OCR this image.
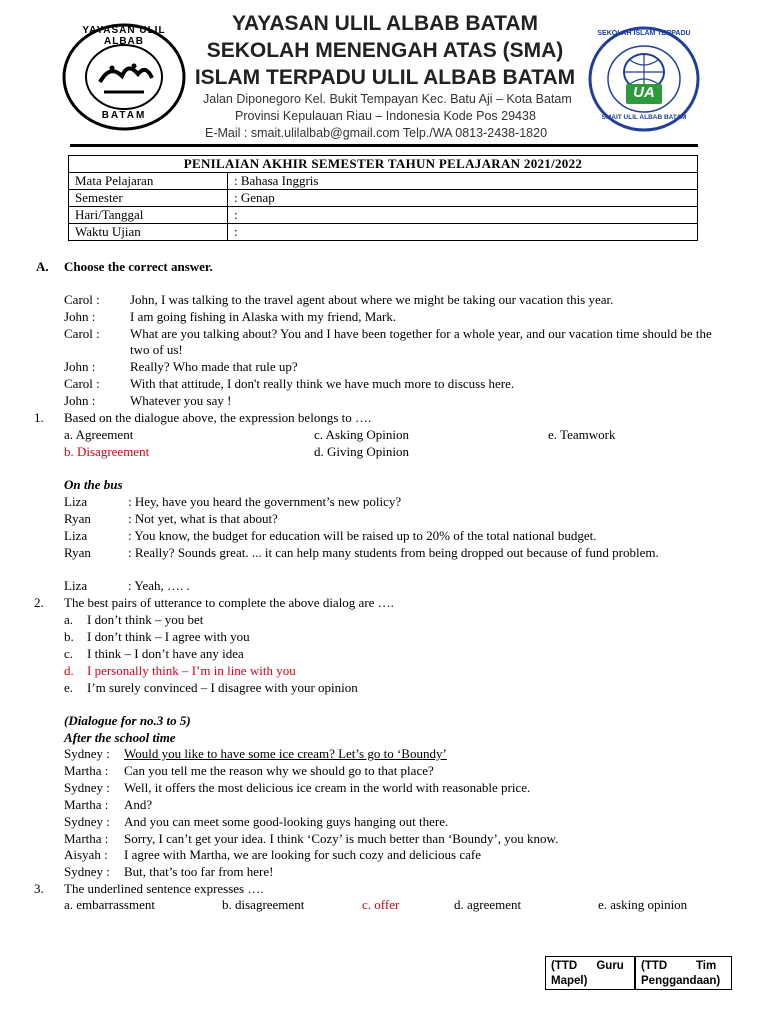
YAYASAN ULIL ALBAB
BATAM
YAYASAN ULIL ALBAB BATAM
SEKOLAH MENENGAH ATAS (SMA)
ISLAM TERPADU ULIL ALBAB BATAM
Jalan Diponegoro Kel. Bukit Tempayan Kec. Batu Aji – Kota Batam
Provinsi Kepulauan Riau – Indonesia Kode Pos 29438
E-Mail : smait.ulilalbab@gmail.com Telp./WA 0813-2438-1820
UA
SEKOLAH ISLAM TERPADU
SMAIT ULIL ALBAB BATAM
PENILAIAN AKHIR SEMESTER TAHUN PELAJARAN 2021/2022	
Mata Pelajaran	: Bahasa Inggris
Semester	: Genap
Hari/Tanggal	:
Waktu Ujian	:
A. Choose the correct answer.
Carol : John, I was talking to the travel agent about where we might be taking our vacation this year.
John :	I am going fishing in Alaska with my friend, Mark.
Carol : What are you talking about? You and I have been together for a whole year, and our vacation time should be the two of us!
John :	Really? Who made that rule up?
Carol : With that attitude, I don't really think we have much more to discuss here.
John :	Whatever you say !
1. Based on the dialogue above, the expression belongs to ….
a. Agreement	c. Asking Opinion	e. Teamwork
b. Disagreement	d. Giving Opinion
On the bus
Liza	: Hey, have you heard the government’s new policy?
Ryan	: Not yet, what is that about?
Liza	: You know, the budget for education will be raised up to 20% of the total national budget.
Ryan	: Really? Sounds great. ... it can help many students from being dropped out because of fund problem.
Liza	: Yeah, …. .
2. The best pairs of utterance to complete the above dialog are ….
a. I don’t think – you bet
b. I don’t think – I agree with you
c. I think – I don’t have any idea
d. I personally think – I’m in line with you
e. I’m surely convinced – I disagree with your opinion
(Dialogue for no.3 to 5)
After the school time
Sydney : Would you like to have some ice cream? Let’s go to ‘Boundy’
Martha : Can you tell me the reason why we should go to that place?
Sydney : Well, it offers the most delicious ice cream in the world with reasonable price.
Martha : And?
Sydney : And you can meet some good-looking guys hanging out there.
Martha : Sorry, I can’t get your idea. I think ‘Cozy’ is much better than ‘Boundy’, you know.
Aisyah : I agree with Martha, we are looking for such cozy and delicious cafe
Sydney : But, that’s too far from here!
3. The underlined sentence expresses ….
a. embarrassment	b. disagreement	c. offer	d. agreement	e. asking opinion
(TTD      Guru
Mapel)
(TTD         Tim
Penggandaan)
